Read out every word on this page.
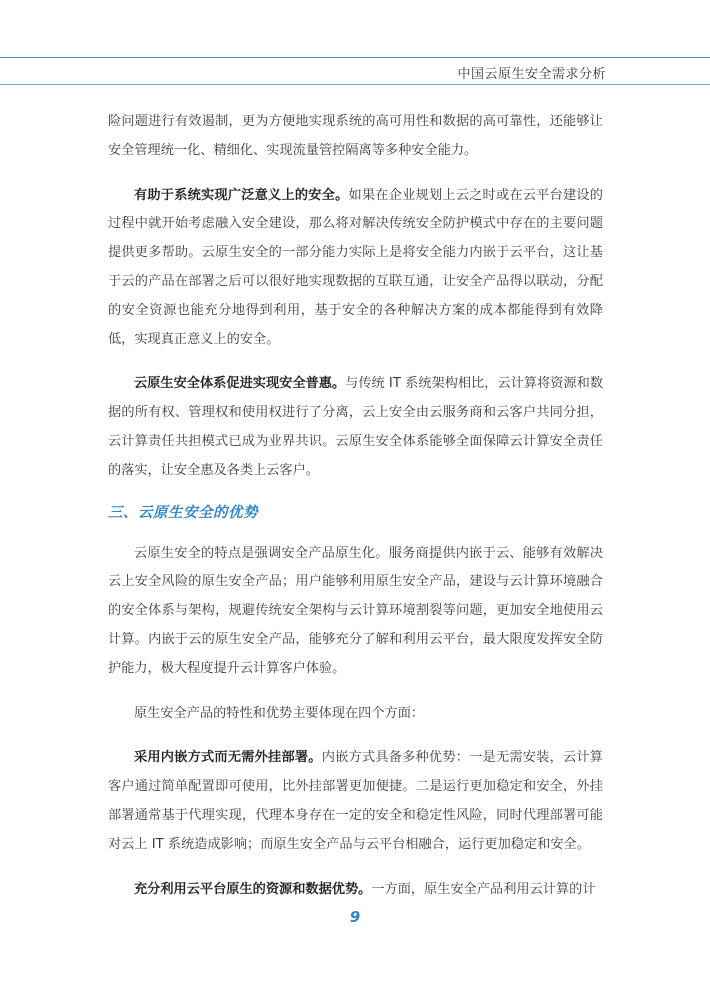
中国云原生安全需求分析

险问题进行有效遏制，更为方便地实现系统的高可用性和数据的高可靠性，还能够让安全管理统一化、精细化、实现流量管控隔离等多种安全能力。

有助于系统实现广泛意义上的安全。如果在企业规划上云之时或在云平台建设的过程中就开始考虑融入安全建设，那么将对解决传统安全防护模式中存在的主要问题提供更多帮助。云原生安全的一部分能力实际上是将安全能力内嵌于云平台，这让基于云的产品在部署之后可以很好地实现数据的互联互通，让安全产品得以联动，分配的安全资源也能充分地得到利用，基于安全的各种解决方案的成本都能得到有效降低，实现真正意义上的安全。

云原生安全体系促进实现安全普惠。与传统 IT 系统架构相比，云计算将资源和数据的所有权、管理权和使用权进行了分离，云上安全由云服务商和云客户共同分担，云计算责任共担模式已成为业界共识。云原生安全体系能够全面保障云计算安全责任的落实，让安全惠及各类上云客户。

三、云原生安全的优势

云原生安全的特点是强调安全产品原生化。服务商提供内嵌于云、能够有效解决云上安全风险的原生安全产品；用户能够利用原生安全产品，建设与云计算环境融合的安全体系与架构，规避传统安全架构与云计算环境割裂等问题，更加安全地使用云计算。内嵌于云的原生安全产品，能够充分了解和利用云平台，最大限度发挥安全防护能力，极大程度提升云计算客户体验。

原生安全产品的特性和优势主要体现在四个方面：

采用内嵌方式而无需外挂部署。内嵌方式具备多种优势：一是无需安装，云计算客户通过简单配置即可使用，比外挂部署更加便捷。二是运行更加稳定和安全，外挂部署通常基于代理实现，代理本身存在一定的安全和稳定性风险，同时代理部署可能对云上 IT 系统造成影响；而原生安全产品与云平台相融合，运行更加稳定和安全。

充分利用云平台原生的资源和数据优势。一方面，原生安全产品利用云计算的计

9
